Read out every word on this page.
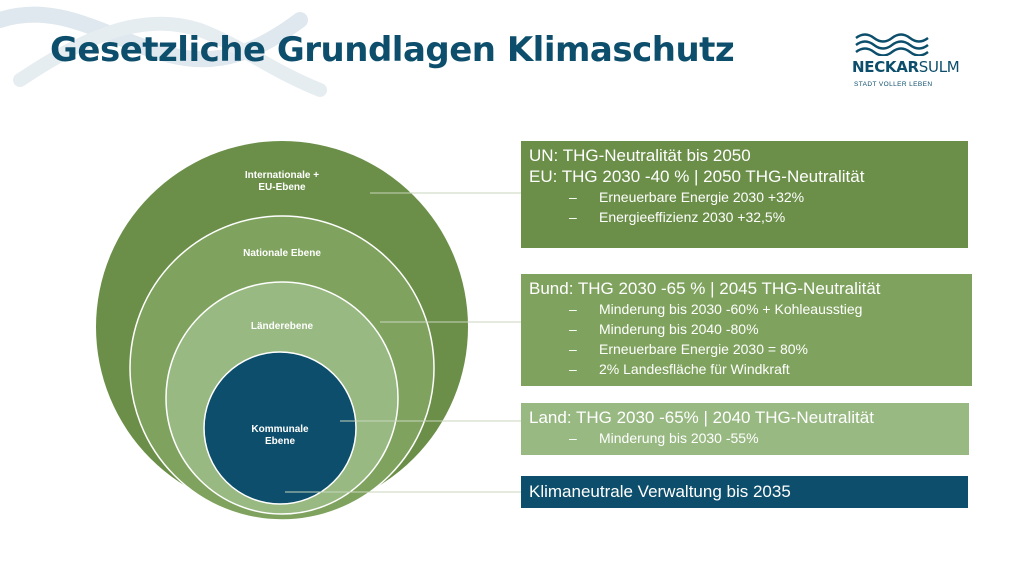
Gesetzliche Grundlagen Klimaschutz	NECKARSULM
STADT VOLLER LEBEN
Internationale +
EU-Ebene
Nationale Ebene
Länderebene
Kommunale
Ebene
UN: THG-Neutralität bis 2050
EU: THG 2030 -40 % | 2050 THG-Neutralität
– Erneuerbare Energie 2030 +32%
– Energieeffizienz 2030 +32,5%
Bund: THG 2030 -65 % | 2045 THG-Neutralität
– Minderung bis 2030 -60% + Kohleausstieg
– Minderung bis 2040 -80%
– Erneuerbare Energie 2030 = 80%
– 2% Landesfläche für Windkraft
Land: THG 2030 -65% | 2040 THG-Neutralität
– Minderung bis 2030 -55%
Klimaneutrale Verwaltung bis 2035
